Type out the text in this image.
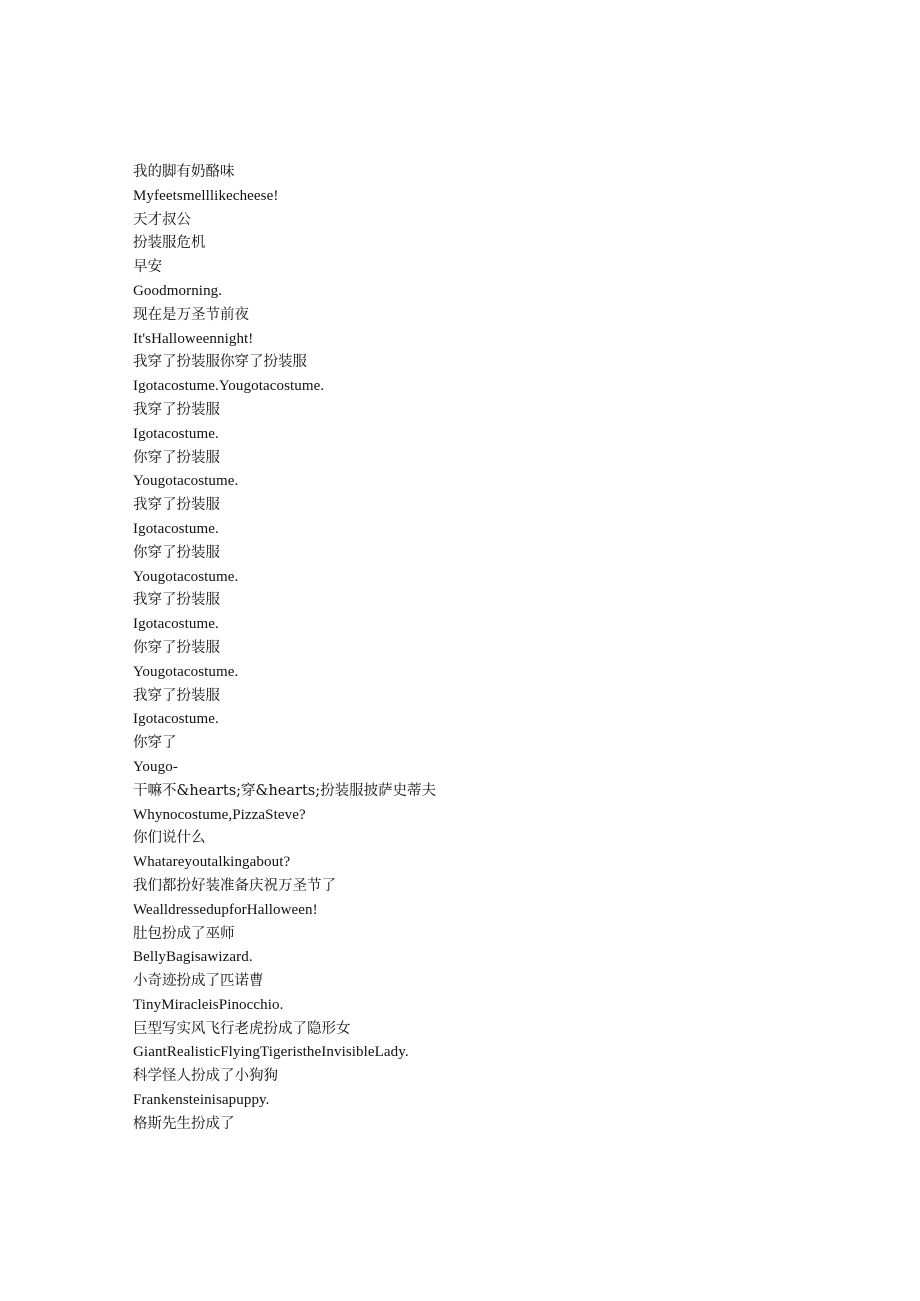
我的脚有奶酪味
Myfeetsmelllikecheese!
天才叔公
扮装服危机
早安
Goodmorning.
现在是万圣节前夜
It'sHalloweennight!
我穿了扮装服你穿了扮装服
Igotacostume.Yougotacostume.
我穿了扮装服
Igotacostume.
你穿了扮装服
Yougotacostume.
我穿了扮装服
Igotacostume.
你穿了扮装服
Yougotacostume.
我穿了扮装服
Igotacostume.
你穿了扮装服
Yougotacostume.
我穿了扮装服
Igotacostume.
你穿了
Yougo-
干嘛不&hearts;穿&hearts;扮装服披萨史蒂夫
Whynocostume,PizzaSteve?
你们说什么
Whatareyoutalkingabout?
我们都扮好装准备庆祝万圣节了
WealldressedupforHalloween!
肚包扮成了巫师
BellyBagisawizard.
小奇迹扮成了匹诺曹
TinyMiracleisPinocchio.
巨型写实风飞行老虎扮成了隐形女
GiantRealisticFlyingTigeristheInvisibleLady.
科学怪人扮成了小狗狗
Frankensteinisapuppy.
格斯先生扮成了
